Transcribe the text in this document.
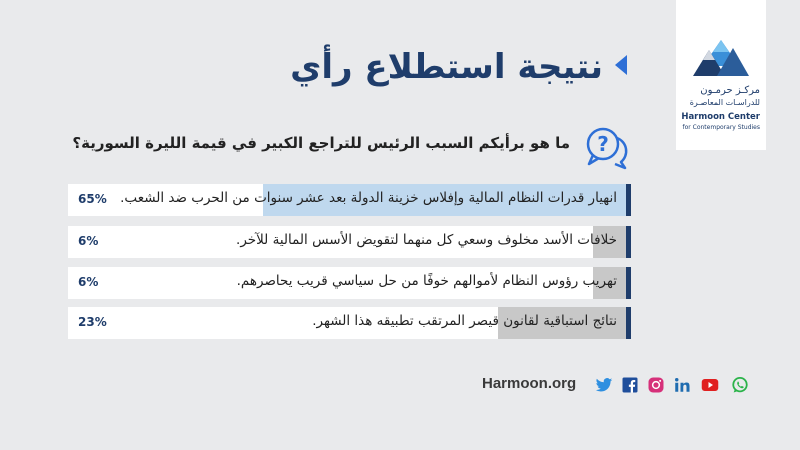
مركـز حرمـون
للدراسـات المعاصـرة
Harmoon Center
for Contemporary Studies
نتيجة استطلاع رأي
?
ما هو برأيكم السبب الرئيس للتراجع الكبير في قيمة الليرة السورية؟
65% انهيار قدرات النظام المالية وإفلاس خزينة الدولة بعد عشر سنوات من الحرب ضد الشعب.
6%	خلافات الأسد مخلوف وسعي كل منهما لتقويض الأسس المالية للآخر.
6%	تهريب رؤوس النظام لأموالهم خوفًا من حل سياسي قريب يحاصرهم.
23%	نتائج استباقية لقانون قيصر المرتقب تطبيقه هذا الشهر.
Harmoon.org
